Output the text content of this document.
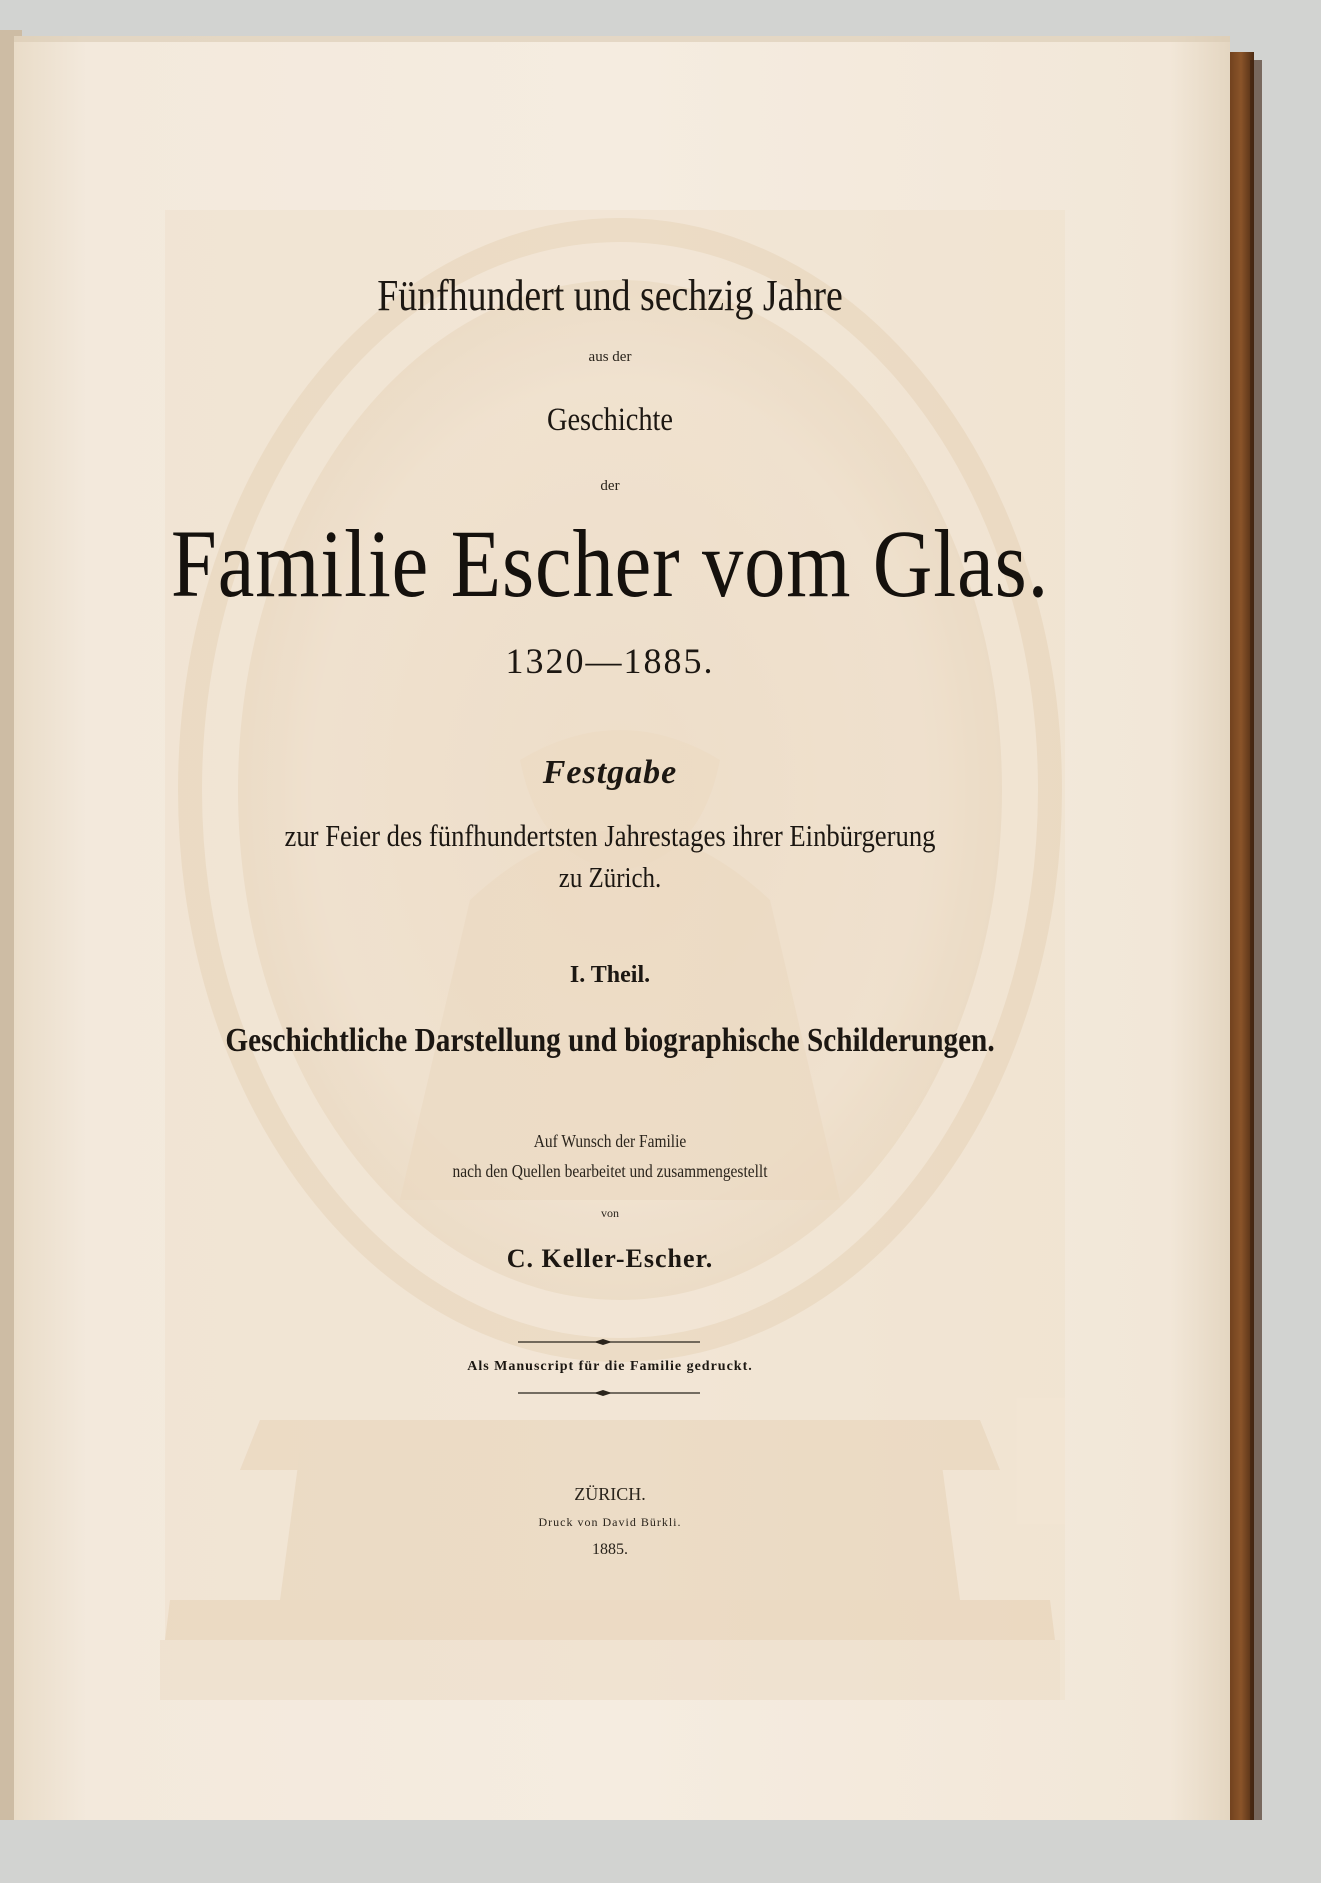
Fünfhundert und sechzig Jahre
aus der
Geschichte
der
Familie Escher vom Glas.
1320—1885.
Festgabe
zur Feier des fünfhundertsten Jahrestages ihrer Einbürgerung
zu Zürich.
I. Theil.
Geschichtliche Darstellung und biographische Schilderungen.
Auf Wunsch der Familie
nach den Quellen bearbeitet und zusammengestellt
von
C. Keller-Escher.
Als Manuscript für die Familie gedruckt.
ZÜRICH.
Druck von David Bürkli.
1885.
